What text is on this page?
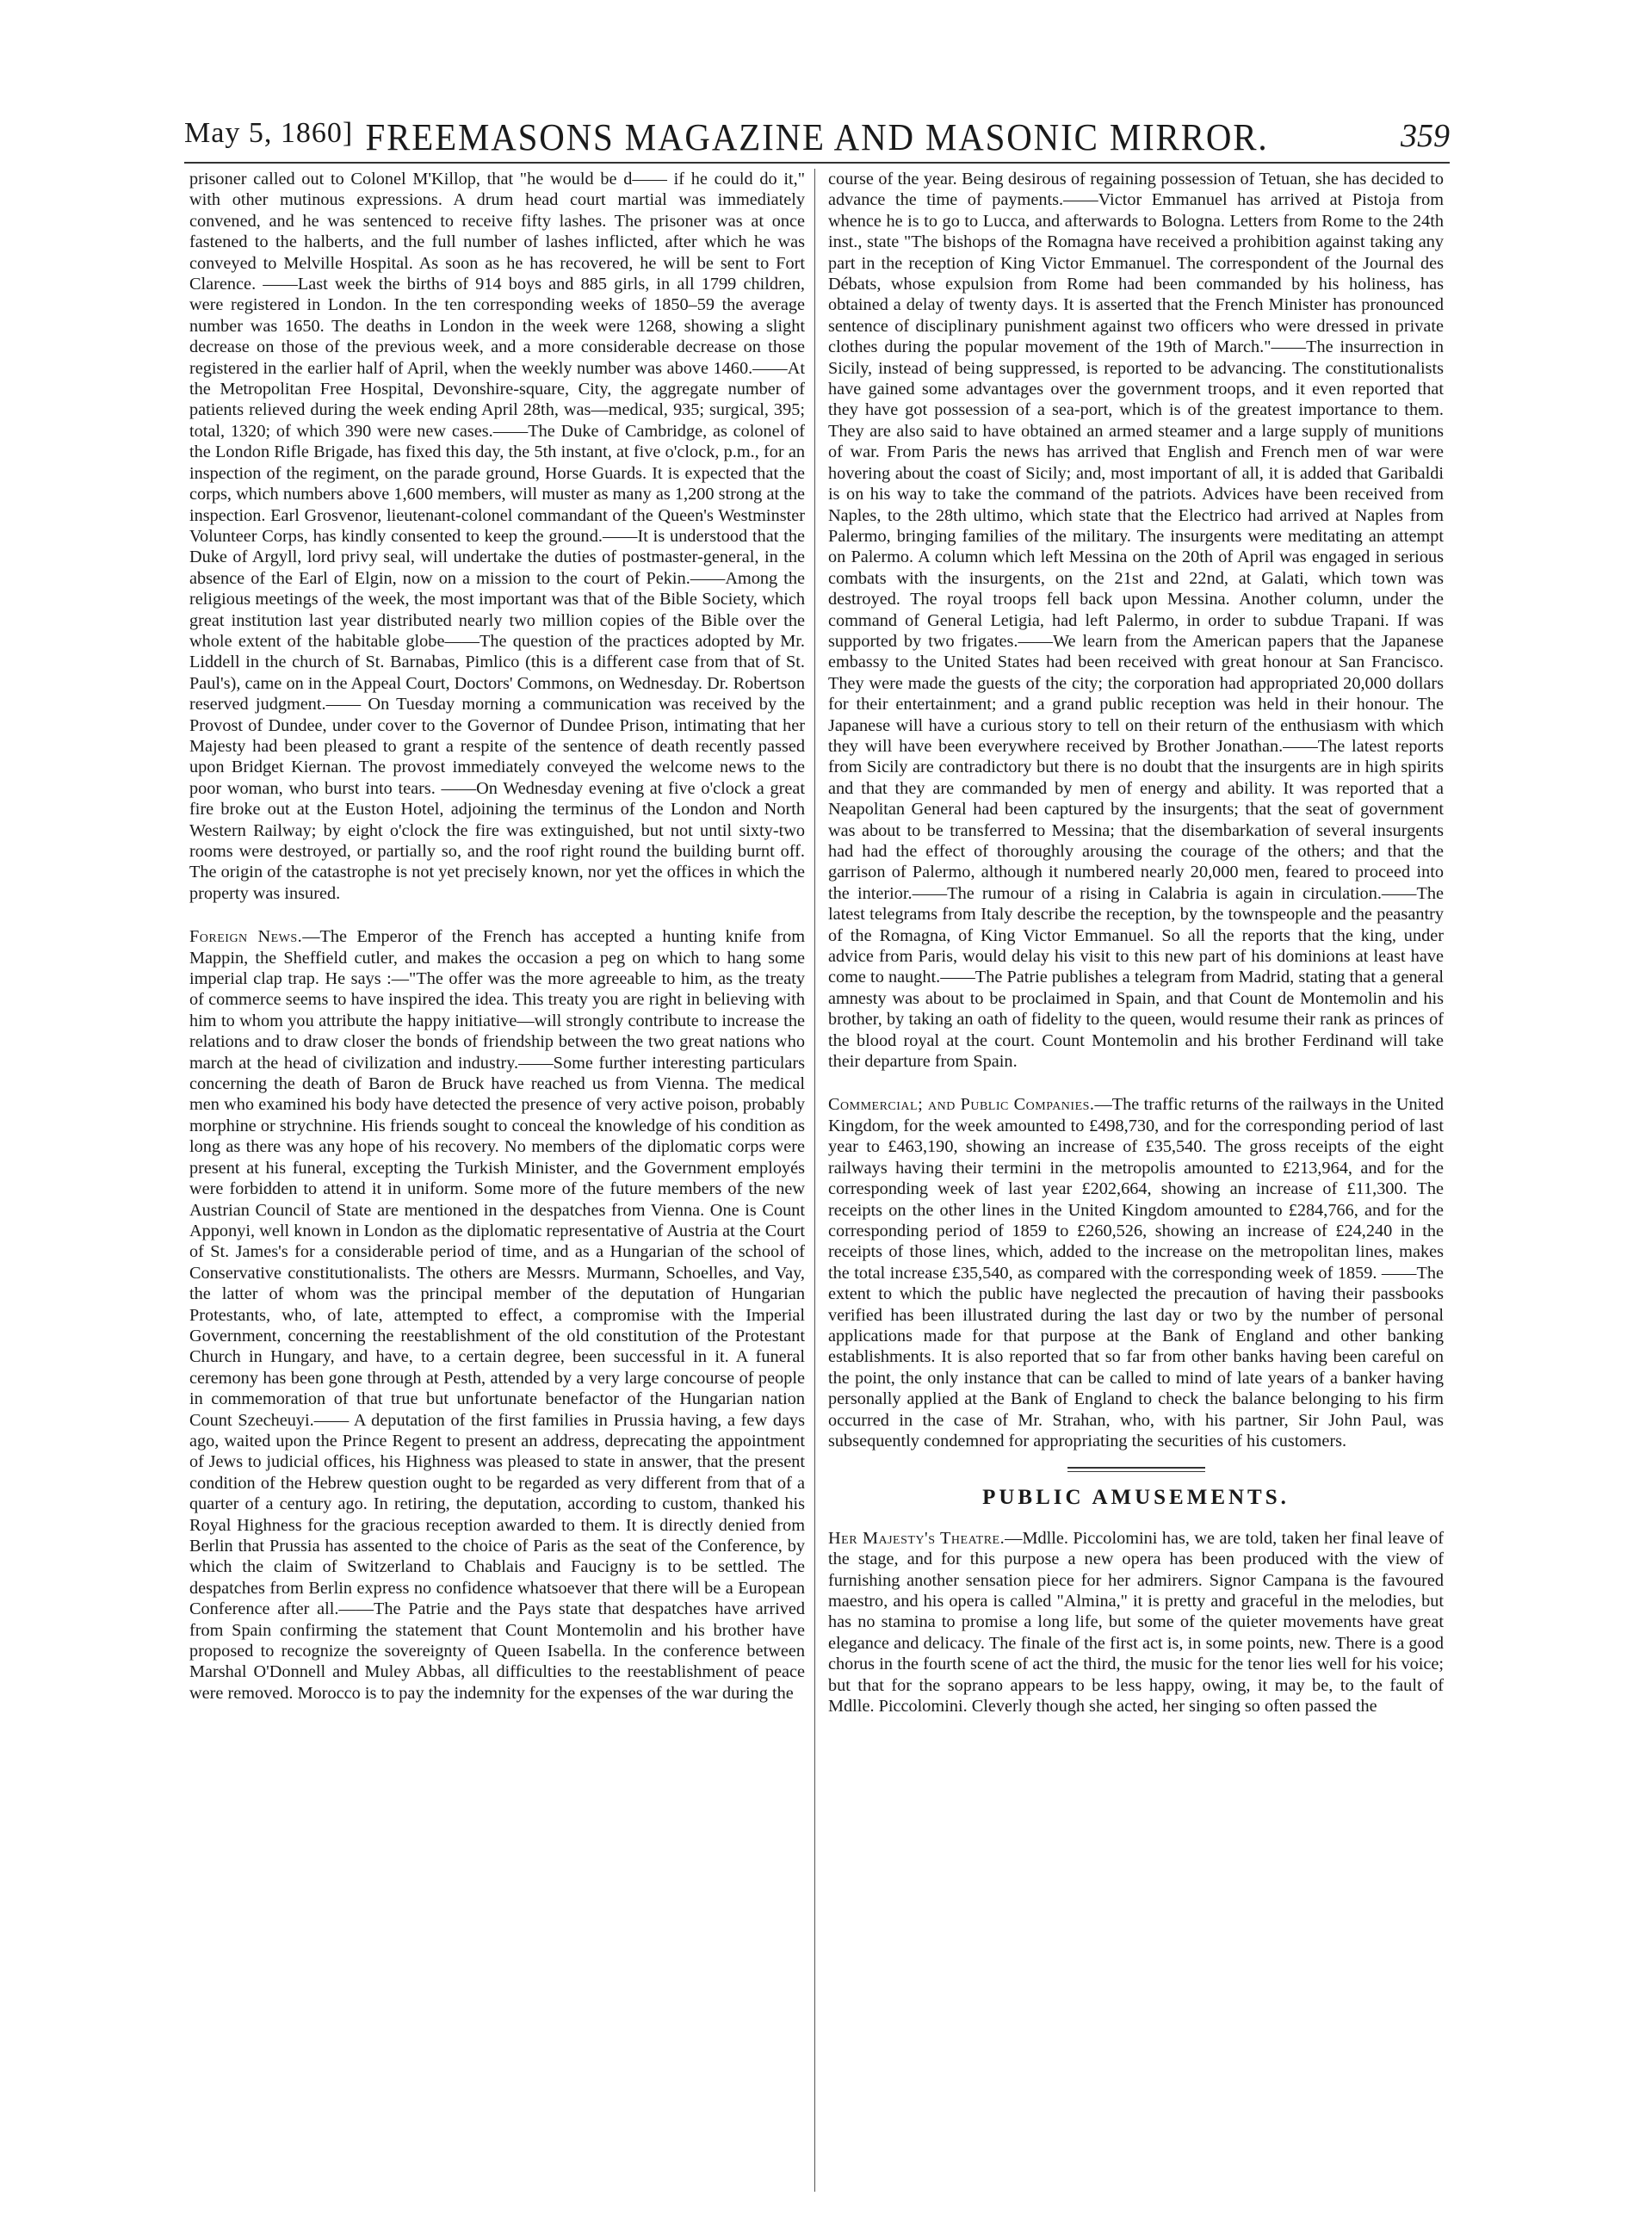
May 5, 1860] FREEMASONS MAGAZINE AND MASONIC MIRROR.	359

prisoner called out to Colonel M'Killop, that "he would be d—— if he could do it," with other mutinous expressions. A drum head court martial was immediately convened, and he was sentenced to receive fifty lashes. The prisoner was at once fastened to the halberts, and the full number of lashes inflicted, after which he was conveyed to Melville Hospital. As soon as he has recovered, he will be sent to Fort Clarence. ——Last week the births of 914 boys and 885 girls, in all 1799 children, were registered in London. In the ten corresponding weeks of 1850–59 the average number was 1650. The deaths in London in the week were 1268, showing a slight decrease on those of the previous week, and a more considerable decrease on those registered in the earlier half of April, when the weekly number was above 1460.——At the Metropolitan Free Hospital, Devonshire-square, City, the aggregate number of patients relieved during the week ending April 28th, was—medical, 935; surgical, 395; total, 1320; of which 390 were new cases.——The Duke of Cambridge, as colonel of the London Rifle Brigade, has fixed this day, the 5th instant, at five o'clock, p.m., for an inspection of the regiment, on the parade ground, Horse Guards. It is expected that the corps, which numbers above 1,600 members, will muster as many as 1,200 strong at the inspection. Earl Grosvenor, lieutenant-colonel commandant of the Queen's Westminster Volunteer Corps, has kindly consented to keep the ground.——It is understood that the Duke of Argyll, lord privy seal, will undertake the duties of postmaster-general, in the absence of the Earl of Elgin, now on a mission to the court of Pekin.——Among the religious meetings of the week, the most important was that of the Bible Society, which great institution last year distributed nearly two million copies of the Bible over the whole extent of the habitable globe——The question of the practices adopted by Mr. Liddell in the church of St. Barnabas, Pimlico (this is a different case from that of St. Paul's), came on in the Appeal Court, Doctors' Commons, on Wednesday. Dr. Robertson reserved judgment.—— On Tuesday morning a communication was received by the Provost of Dundee, under cover to the Governor of Dundee Prison, intimating that her Majesty had been pleased to grant a respite of the sentence of death recently passed upon Bridget Kiernan. The provost immediately conveyed the welcome news to the poor woman, who burst into tears. ——On Wednesday evening at five o'clock a great fire broke out at the Euston Hotel, adjoining the terminus of the London and North Western Railway; by eight o'clock the fire was extinguished, but not until sixty-two rooms were destroyed, or partially so, and the roof right round the building burnt off. The origin of the catastrophe is not yet precisely known, nor yet the offices in which the property was insured.

Foreign News.—The Emperor of the French has accepted a hunting knife from Mappin, the Sheffield cutler, and makes the occasion a peg on which to hang some imperial clap trap. He says :—"The offer was the more agreeable to him, as the treaty of commerce seems to have inspired the idea. This treaty you are right in believing with him to whom you attribute the happy initiative—will strongly contribute to increase the relations and to draw closer the bonds of friendship between the two great nations who march at the head of civilization and industry.——Some further interesting particulars concerning the death of Baron de Bruck have reached us from Vienna. The medical men who examined his body have detected the presence of very active poison, probably morphine or strychnine. His friends sought to conceal the knowledge of his condition as long as there was any hope of his recovery. No members of the diplomatic corps were present at his funeral, excepting the Turkish Minister, and the Government employés were forbidden to attend it in uniform. Some more of the future members of the new Austrian Council of State are mentioned in the despatches from Vienna. One is Count Apponyi, well known in London as the diplomatic representative of Austria at the Court of St. James's for a considerable period of time, and as a Hungarian of the school of Conservative constitutionalists. The others are Messrs. Murmann, Schoelles, and Vay, the latter of whom was the principal member of the deputation of Hungarian Protestants, who, of late, attempted to effect, a compromise with the Imperial Government, concerning the reestablishment of the old constitution of the Protestant Church in Hungary, and have, to a certain degree, been successful in it. A funeral ceremony has been gone through at Pesth, attended by a very large concourse of people in commemoration of that true but unfortunate benefactor of the Hungarian nation Count Szecheuyi.—— A deputation of the first families in Prussia having, a few days ago, waited upon the Prince Regent to present an address, deprecating the appointment of Jews to judicial offices, his Highness was pleased to state in answer, that the present condition of the Hebrew question ought to be regarded as very different from that of a quarter of a century ago. In retiring, the deputation, according to custom, thanked his Royal Highness for the gracious reception awarded to them. It is directly denied from Berlin that Prussia has assented to the choice of Paris as the seat of the Conference, by which the claim of Switzerland to Chablais and Faucigny is to be settled. The despatches from Berlin express no confidence whatsoever that there will be a European Conference after all.——The Patrie and the Pays state that despatches have arrived from Spain confirming the statement that Count Montemolin and his brother have proposed to recognize the sovereignty of Queen Isabella. In the conference between Marshal O'Donnell and Muley Abbas, all difficulties to the reestablishment of peace were removed. Morocco is to pay the indemnity for the expenses of the war during the

course of the year. Being desirous of regaining possession of Tetuan, she has decided to advance the time of payments.——Victor Emmanuel has arrived at Pistoja from whence he is to go to Lucca, and afterwards to Bologna. Letters from Rome to the 24th inst., state "The bishops of the Romagna have received a prohibition against taking any part in the reception of King Victor Emmanuel. The correspondent of the Journal des Débats, whose expulsion from Rome had been commanded by his holiness, has obtained a delay of twenty days. It is asserted that the French Minister has pronounced sentence of disciplinary punishment against two officers who were dressed in private clothes during the popular movement of the 19th of March."——The insurrection in Sicily, instead of being suppressed, is reported to be advancing. The constitutionalists have gained some advantages over the government troops, and it even reported that they have got possession of a sea-port, which is of the greatest importance to them. They are also said to have obtained an armed steamer and a large supply of munitions of war. From Paris the news has arrived that English and French men of war were hovering about the coast of Sicily; and, most important of all, it is added that Garibaldi is on his way to take the command of the patriots. Advices have been received from Naples, to the 28th ultimo, which state that the Electrico had arrived at Naples from Palermo, bringing families of the military. The insurgents were meditating an attempt on Palermo. A column which left Messina on the 20th of April was engaged in serious combats with the insurgents, on the 21st and 22nd, at Galati, which town was destroyed. The royal troops fell back upon Messina. Another column, under the command of General Letigia, had left Palermo, in order to subdue Trapani. If was supported by two frigates.——We learn from the American papers that the Japanese embassy to the United States had been received with great honour at San Francisco. They were made the guests of the city; the corporation had appropriated 20,000 dollars for their entertainment; and a grand public reception was held in their honour. The Japanese will have a curious story to tell on their return of the enthusiasm with which they will have been everywhere received by Brother Jonathan.——The latest reports from Sicily are contradictory but there is no doubt that the insurgents are in high spirits and that they are commanded by men of energy and ability. It was reported that a Neapolitan General had been captured by the insurgents; that the seat of government was about to be transferred to Messina; that the disembarkation of several insurgents had had the effect of thoroughly arousing the courage of the others; and that the garrison of Palermo, although it numbered nearly 20,000 men, feared to proceed into the interior.——The rumour of a rising in Calabria is again in circulation.——The latest telegrams from Italy describe the reception, by the townspeople and the peasantry of the Romagna, of King Victor Emmanuel. So all the reports that the king, under advice from Paris, would delay his visit to this new part of his dominions at least have come to naught.——The Patrie publishes a telegram from Madrid, stating that a general amnesty was about to be proclaimed in Spain, and that Count de Montemolin and his brother, by taking an oath of fidelity to the queen, would resume their rank as princes of the blood royal at the court. Count Montemolin and his brother Ferdinand will take their departure from Spain.

Commercial; and Public Companies.—The traffic returns of the railways in the United Kingdom, for the week amounted to £498,730, and for the corresponding period of last year to £463,190, showing an increase of £35,540. The gross receipts of the eight railways having their termini in the metropolis amounted to £213,964, and for the corresponding week of last year £202,664, showing an increase of £11,300. The receipts on the other lines in the United Kingdom amounted to £284,766, and for the corresponding period of 1859 to £260,526, showing an increase of £24,240 in the receipts of those lines, which, added to the increase on the metropolitan lines, makes the total increase £35,540, as compared with the corresponding week of 1859. ——The extent to which the public have neglected the precaution of having their passbooks verified has been illustrated during the last day or two by the number of personal applications made for that purpose at the Bank of England and other banking establishments. It is also reported that so far from other banks having been careful on the point, the only instance that can be called to mind of late years of a banker having personally applied at the Bank of England to check the balance belonging to his firm occurred in the case of Mr. Strahan, who, with his partner, Sir John Paul, was subsequently condemned for appropriating the securities of his customers.

PUBLIC AMUSEMENTS.

Her Majesty's Theatre.—Mdlle. Piccolomini has, we are told, taken her final leave of the stage, and for this purpose a new opera has been produced with the view of furnishing another sensation piece for her admirers. Signor Campana is the favoured maestro, and his opera is called "Almina," it is pretty and graceful in the melodies, but has no stamina to promise a long life, but some of the quieter movements have great elegance and delicacy. The finale of the first act is, in some points, new. There is a good chorus in the fourth scene of act the third, the music for the tenor lies well for his voice; but that for the soprano appears to be less happy, owing, it may be, to the fault of Mdlle. Piccolomini. Cleverly though she acted, her singing so often passed the
